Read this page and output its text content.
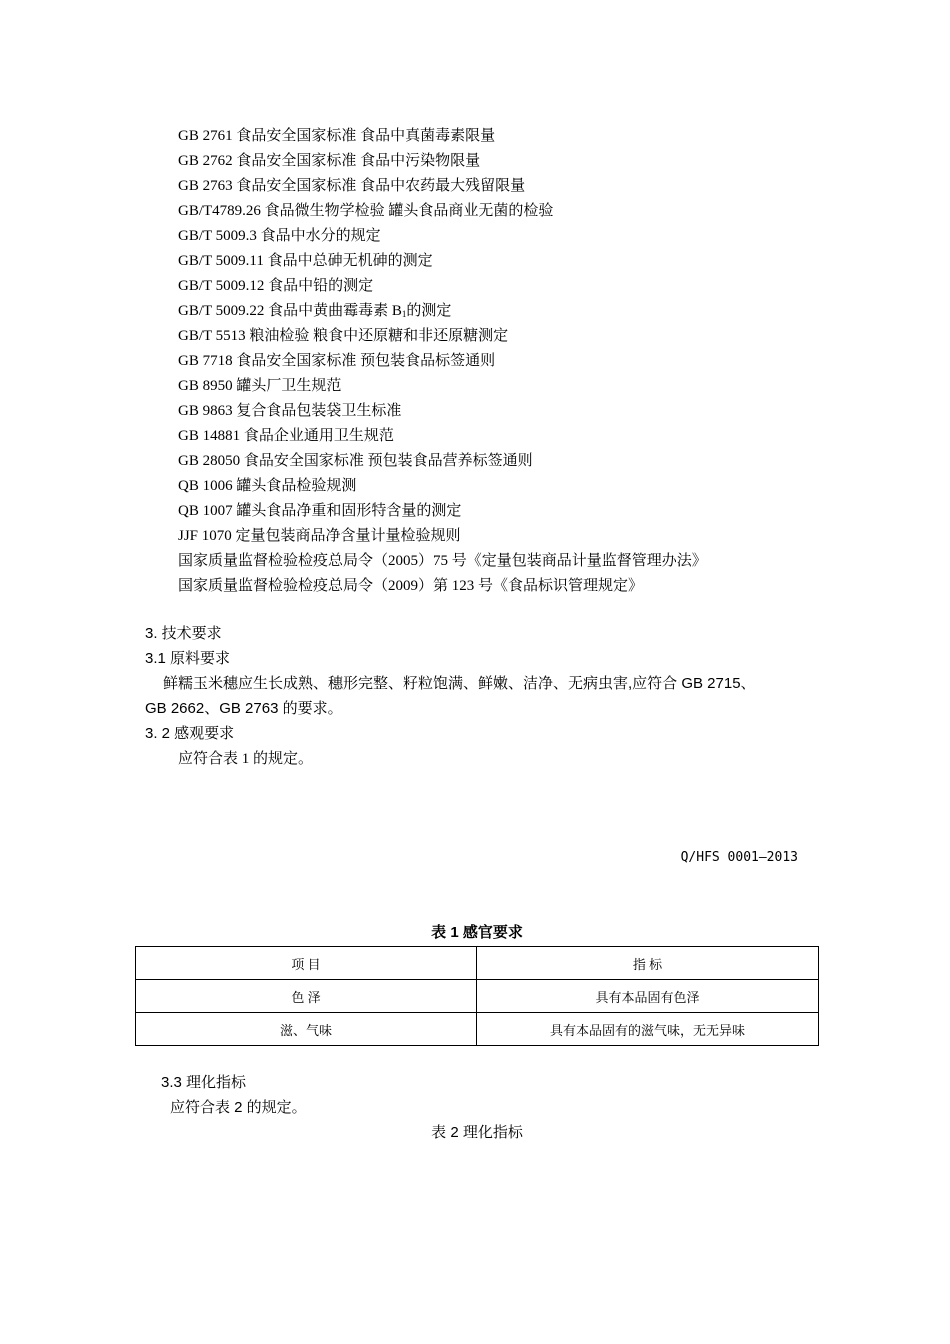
GB 2761 食品安全国家标准 食品中真菌毒素限量
GB 2762 食品安全国家标准 食品中污染物限量
GB 2763 食品安全国家标准 食品中农药最大残留限量
GB/T4789.26 食品微生物学检验 罐头食品商业无菌的检验
GB/T 5009.3 食品中水分的规定
GB/T 5009.11 食品中总砷无机砷的测定
GB/T 5009.12 食品中铅的测定
GB/T 5009.22 食品中黄曲霉毒素 $B_1$的测定
GB/T 5513 粮油检验 粮食中还原糖和非还原糖测定
GB 7718 食品安全国家标准 预包装食品标签通则
GB 8950 罐头厂卫生规范
GB 9863 复合食品包装袋卫生标准
GB 14881 食品企业通用卫生规范
GB 28050 食品安全国家标准 预包装食品营养标签通则
QB 1006 罐头食品检验规测
QB 1007 罐头食品净重和固形特含量的测定
JJF 1070 定量包装商品净含量计量检验规则
国家质量监督检验检疫总局令（2005）75 号《定量包装商品计量监督管理办法》
国家质量监督检验检疫总局令（2009）第 123 号《食品标识管理规定》

3. 技术要求

3.1 原料要求

鲜糯玉米穗应生长成熟、穗形完整、籽粒饱满、鲜嫩、洁净、无病虫害,应符合 GB 2715、

GB 2662、GB 2763 的要求。

3. 2 感观要求

应符合表 1 的规定。

Q/HFS 0001—2013
表 1 感官要求
项 目	指 标
色 泽	具有本品固有色泽
滋、气味	具有本品固有的滋气味，无无异味

3.3 理化指标

应符合表 2 的规定。

表 2 理化指标
